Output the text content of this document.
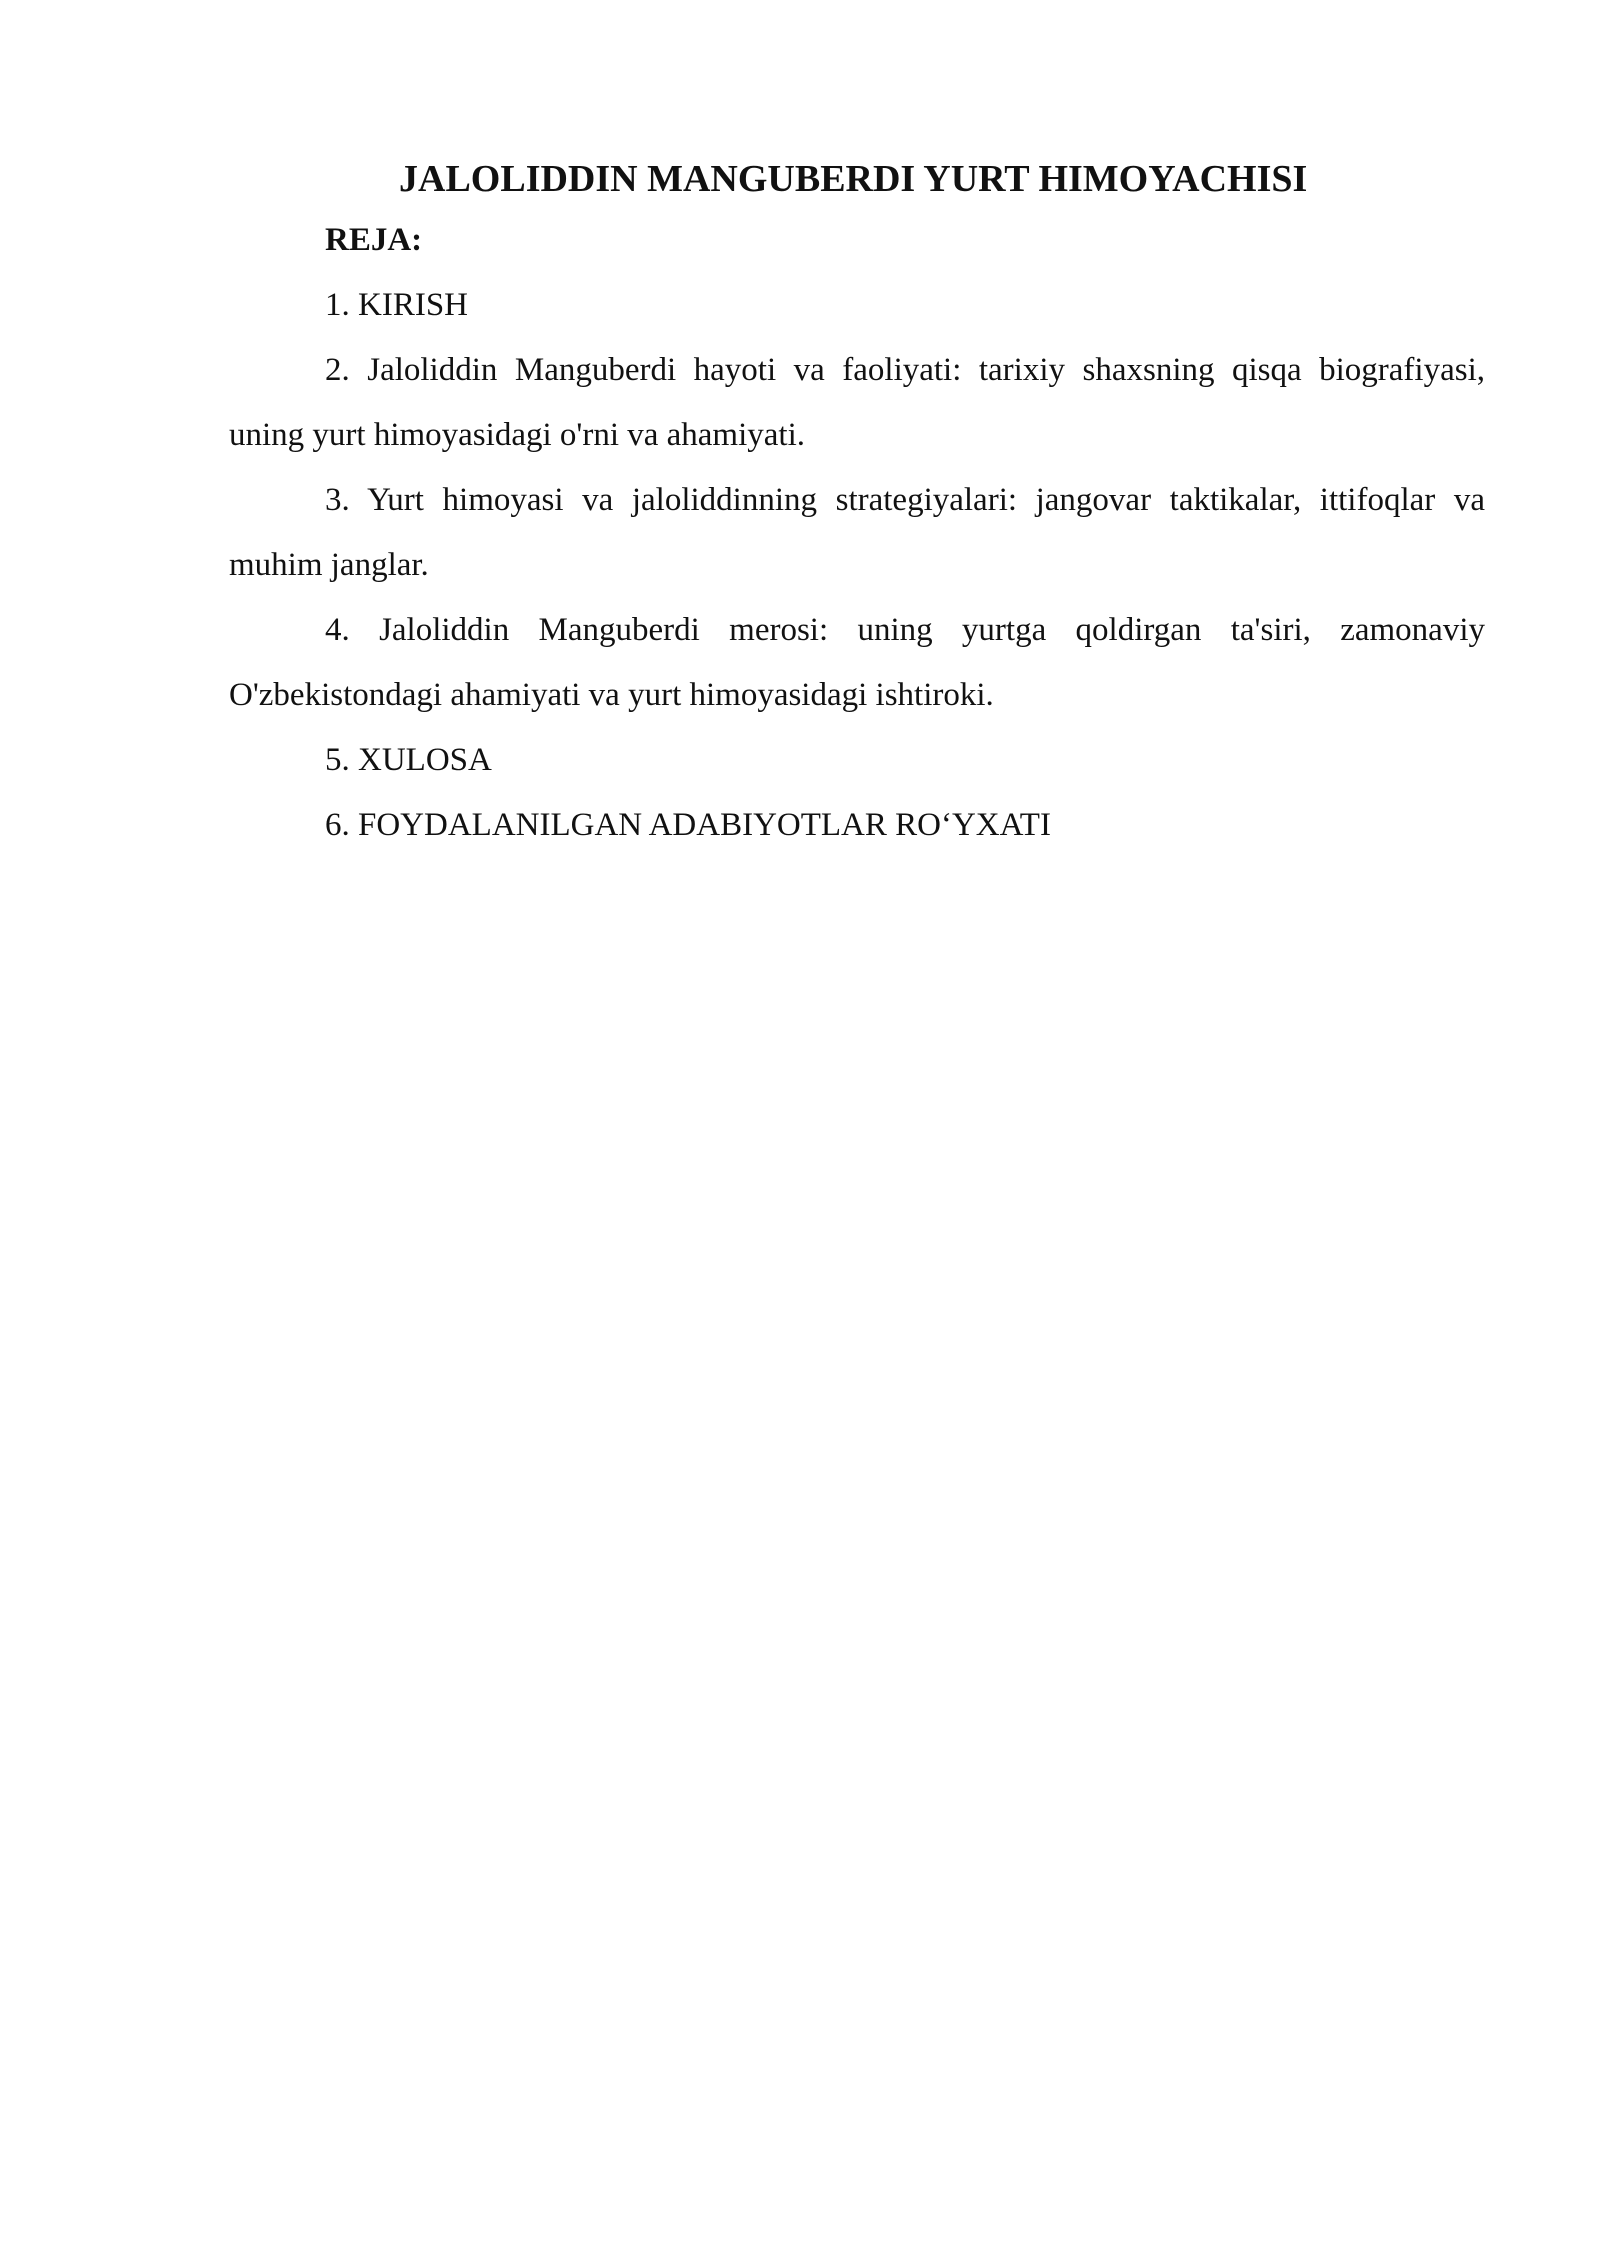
JALOLIDDIN MANGUBERDI YURT HIMOYACHISI

REJA:

1. KIRISH

2. Jaloliddin Manguberdi hayoti va faoliyati: tarixiy shaxsning qisqa biografiyasi, uning yurt himoyasidagi o'rni va ahamiyati.

3. Yurt himoyasi va jaloliddinning strategiyalari: jangovar taktikalar, ittifoqlar va muhim janglar.

4. Jaloliddin Manguberdi merosi: uning yurtga qoldirgan ta'siri, zamonaviy O'zbekistondagi ahamiyati va yurt himoyasidagi ishtiroki.

5. XULOSA

6. FOYDALANILGAN ADABIYOTLAR RO‘YXATI
